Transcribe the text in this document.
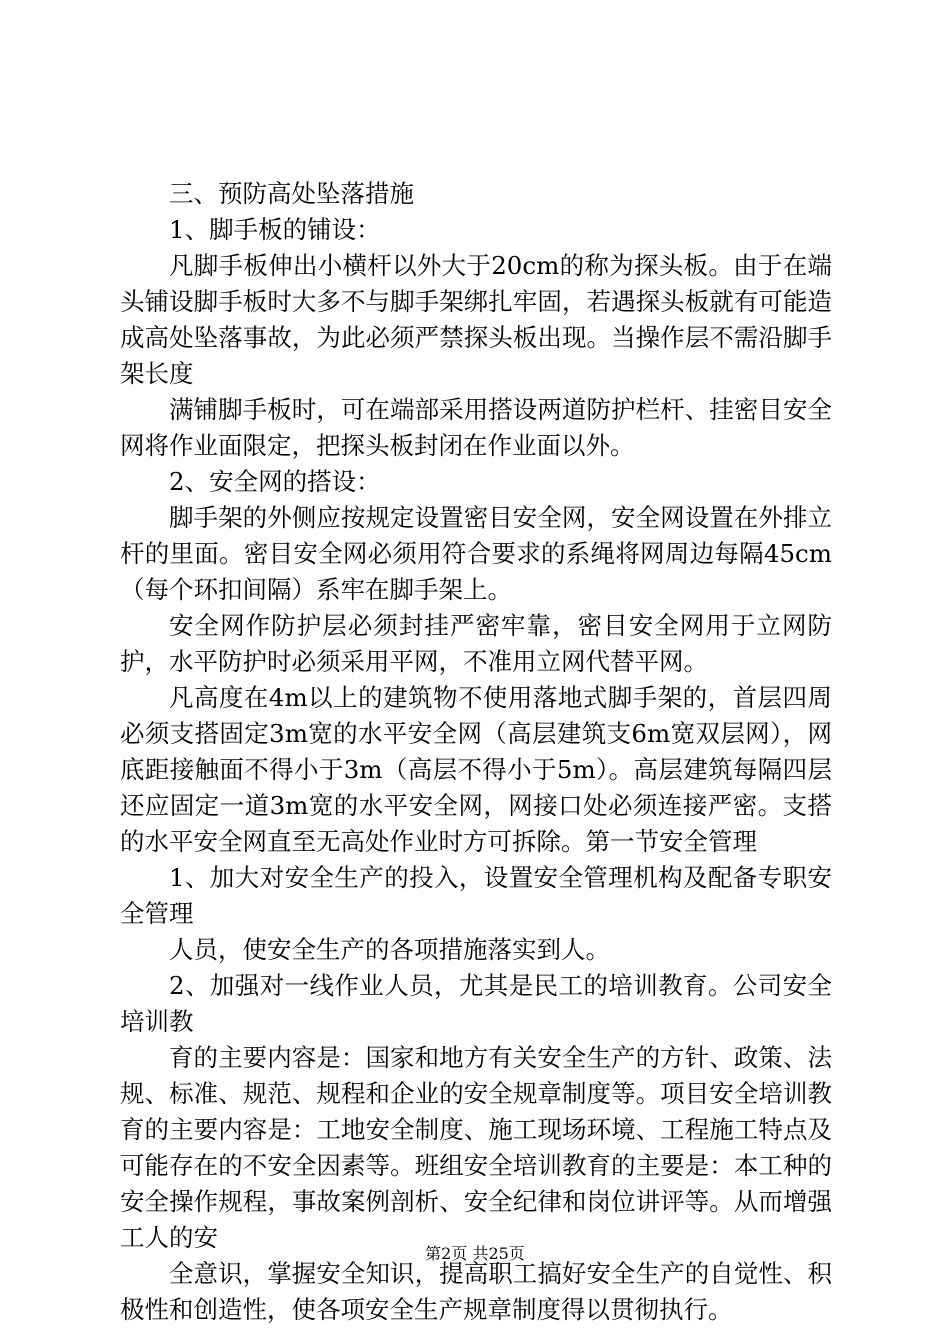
三、预防高处坠落措施

1、脚手板的铺设：

凡脚手板伸出小横杆以外大于20cm的称为探头板。由于在端头铺设脚手板时大多不与脚手架绑扎牢固，若遇探头板就有可能造成高处坠落事故，为此必须严禁探头板出现。当操作层不需沿脚手架长度

满铺脚手板时，可在端部采用搭设两道防护栏杆、挂密目安全网将作业面限定，把探头板封闭在作业面以外。

2、安全网的搭设：

脚手架的外侧应按规定设置密目安全网，安全网设置在外排立杆的里面。密目安全网必须用符合要求的系绳将网周边每隔45cm（每个环扣间隔）系牢在脚手架上。

安全网作防护层必须封挂严密牢靠，密目安全网用于立网防护，水平防护时必须采用平网，不准用立网代替平网。

凡高度在4m以上的建筑物不使用落地式脚手架的，首层四周必须支搭固定3m宽的水平安全网（高层建筑支6m宽双层网），网底距接触面不得小于3m（高层不得小于5m）。高层建筑每隔四层还应固定一道3m宽的水平安全网，网接口处必须连接严密。支搭的水平安全网直至无高处作业时方可拆除。第一节安全管理

1、加大对安全生产的投入，设置安全管理机构及配备专职安全管理

人员，使安全生产的各项措施落实到人。

2、加强对一线作业人员，尤其是民工的培训教育。公司安全培训教

育的主要内容是：国家和地方有关安全生产的方针、政策、法规、标准、规范、规程和企业的安全规章制度等。项目安全培训教育的主要内容是：工地安全制度、施工现场环境、工程施工特点及可能存在的不安全因素等。班组安全培训教育的主要是：本工种的安全操作规程，事故案例剖析、安全纪律和岗位讲评等。从而增强工人的安

全意识，掌握安全知识，提高职工搞好安全生产的自觉性、积极性和创造性，使各项安全生产规章制度得以贯彻执行。

第2页 共25页
